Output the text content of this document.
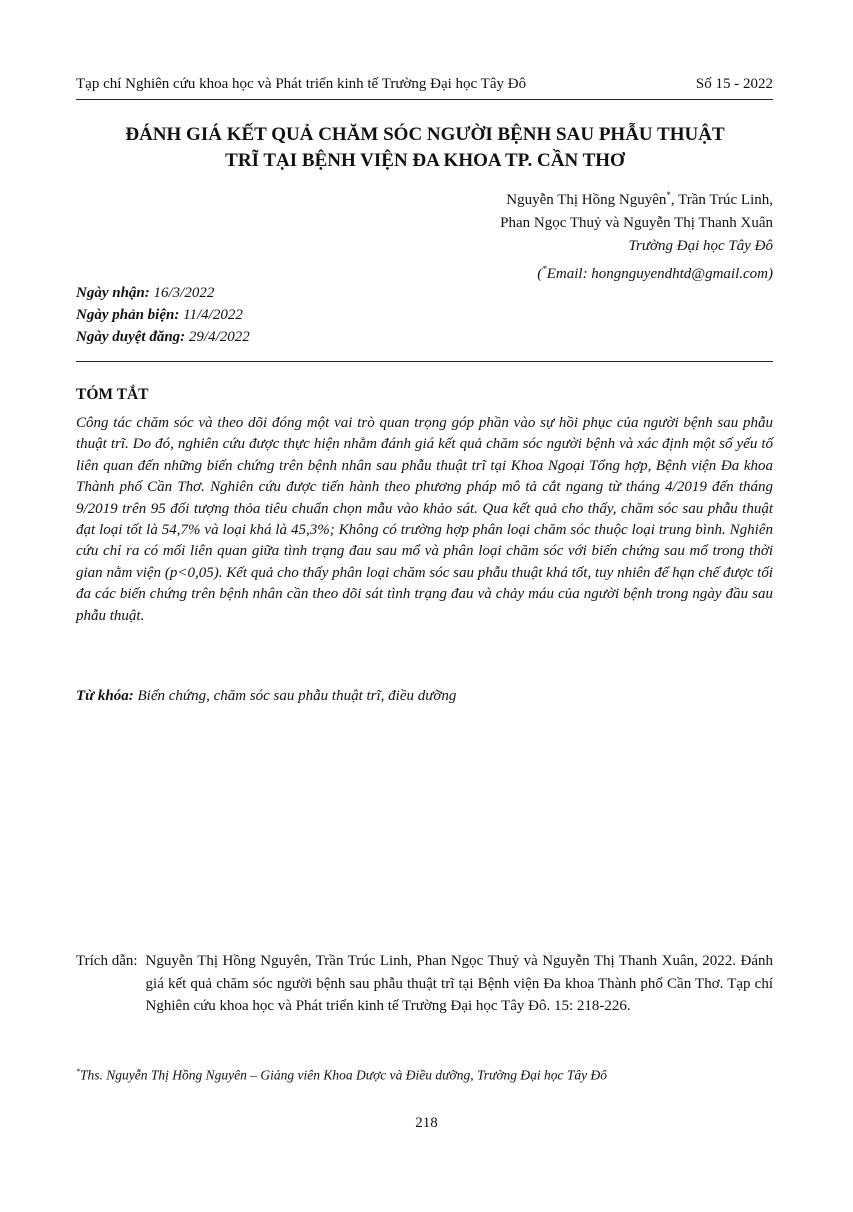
Tạp chí Nghiên cứu khoa học và Phát triển kinh tế Trường Đại học Tây Đô	Số 15 - 2022
ĐÁNH GIÁ KẾT QUẢ CHĂM SÓC NGƯỜI BỆNH SAU PHẪU THUẬT
TRĨ TẠI BỆNH VIỆN ĐA KHOA TP. CẦN THƠ
Nguyễn Thị Hồng Nguyên*, Trần Trúc Linh,
Phan Ngọc Thuỷ và Nguyễn Thị Thanh Xuân
Trường Đại học Tây Đô
(*Email: hongnguyendhtd@gmail.com)
Ngày nhận: 16/3/2022
Ngày phản biện: 11/4/2022
Ngày duyệt đăng: 29/4/2022
TÓM TẮT

Công tác chăm sóc và theo dõi đóng một vai trò quan trọng góp phần vào sự hồi phục của người bệnh sau phẫu thuật trĩ. Do đó, nghiên cứu được thực hiện nhằm đánh giá kết quả chăm sóc người bệnh và xác định một số yếu tố liên quan đến những biến chứng trên bệnh nhân sau phẫu thuật trĩ tại Khoa Ngoại Tổng hợp, Bệnh viện Đa khoa Thành phố Cần Thơ. Nghiên cứu được tiến hành theo phương pháp mô tả cắt ngang từ tháng 4/2019 đến tháng 9/2019 trên 95 đối tượng thỏa tiêu chuẩn chọn mẫu vào khảo sát. Qua kết quả cho thấy, chăm sóc sau phẫu thuật đạt loại tốt là 54,7% và loại khá là 45,3%; Không có trường hợp phân loại chăm sóc thuộc loại trung bình. Nghiên cứu chỉ ra có mối liên quan giữa tình trạng đau sau mổ và phân loại chăm sóc với biến chứng sau mổ trong thời gian nằm viện (p<0,05). Kết quả cho thấy phân loại chăm sóc sau phẫu thuật khá tốt, tuy nhiên để hạn chế được tối đa các biến chứng trên bệnh nhân cần theo dõi sát tình trạng đau và chảy máu của người bệnh trong ngày đầu sau phẫu thuật.

Từ khóa: Biến chứng, chăm sóc sau phẫu thuật trĩ, điều dưỡng

Trích dẫn: Nguyễn Thị Hồng Nguyên, Trần Trúc Linh, Phan Ngọc Thuỷ và Nguyễn Thị Thanh Xuân, 2022. Đánh giá kết quả chăm sóc người bệnh sau phẫu thuật trĩ tại Bệnh viện Đa khoa Thành phố Cần Thơ. Tạp chí Nghiên cứu khoa học và Phát triển kinh tế Trường Đại học Tây Đô. 15: 218-226.
*Ths. Nguyễn Thị Hồng Nguyên – Giảng viên Khoa Dược và Điều dưỡng, Trường Đại học Tây Đô
218
